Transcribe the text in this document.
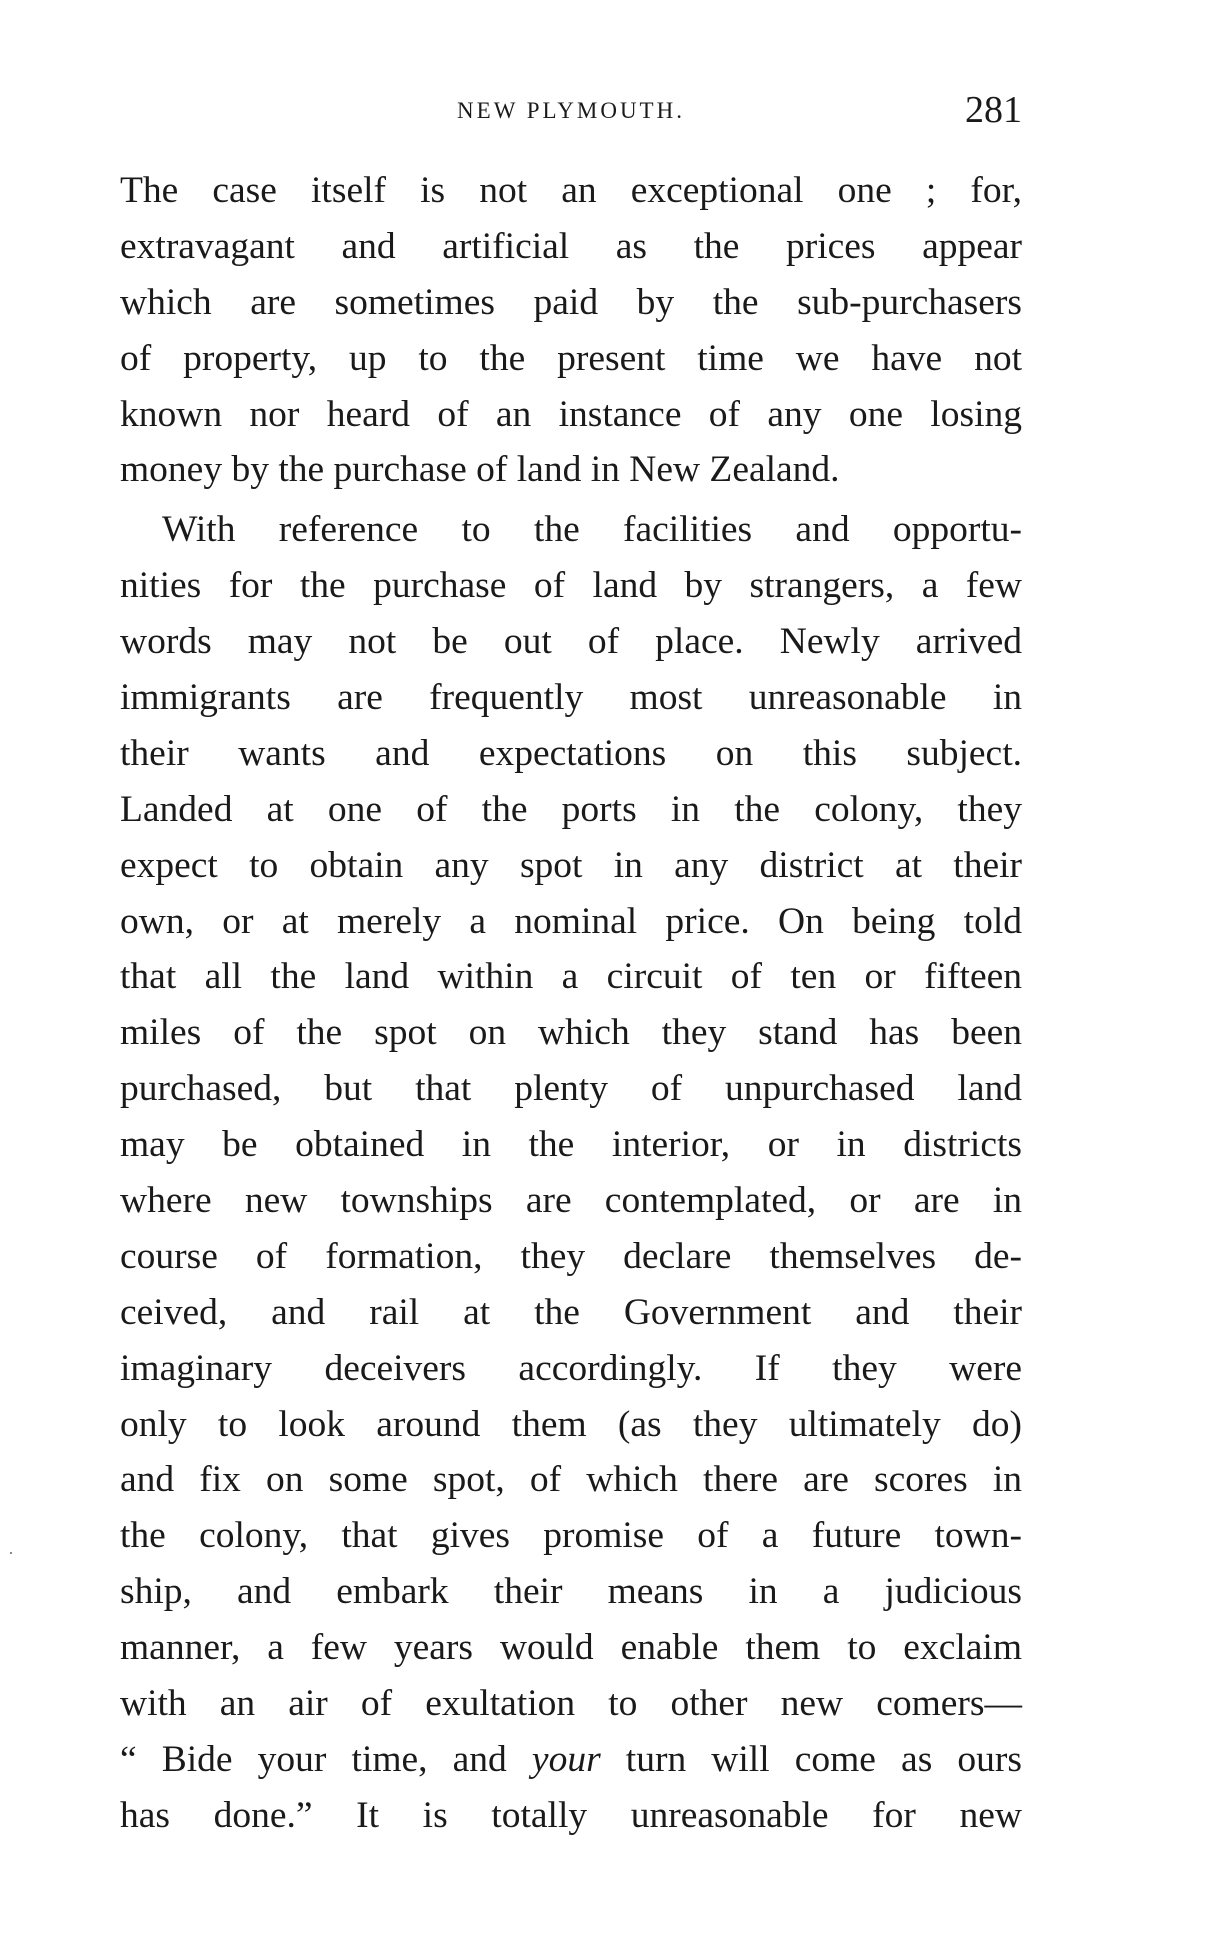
NEW PLYMOUTH.	281
The case itself is not an exceptional one ; for,
extravagant and artificial as the prices appear
which are sometimes paid by the sub-purchasers
of property, up to the present time we have not
known nor heard of an instance of any one losing
money by the purchase of land in New Zealand.
With reference to the facilities and opportu-
nities for the purchase of land by strangers, a few
words may not be out of place. Newly arrived
immigrants are frequently most unreasonable in
their wants and expectations on this subject.
Landed at one of the ports in the colony, they
expect to obtain any spot in any district at their
own, or at merely a nominal price. On being told
that all the land within a circuit of ten or fifteen
miles of the spot on which they stand has been
purchased, but that plenty of unpurchased land
may be obtained in the interior, or in districts
where new townships are contemplated, or are in
course of formation, they declare themselves de-
ceived, and rail at the Government and their
imaginary deceivers accordingly. If they were
only to look around them (as they ultimately do)
and fix on some spot, of which there are scores in
the colony, that gives promise of a future town-
ship, and embark their means in a judicious
manner, a few years would enable them to exclaim
with an air of exultation to other new comers—
“ Bide your time, and your turn will come as ours
has done.” It is totally unreasonable for new
